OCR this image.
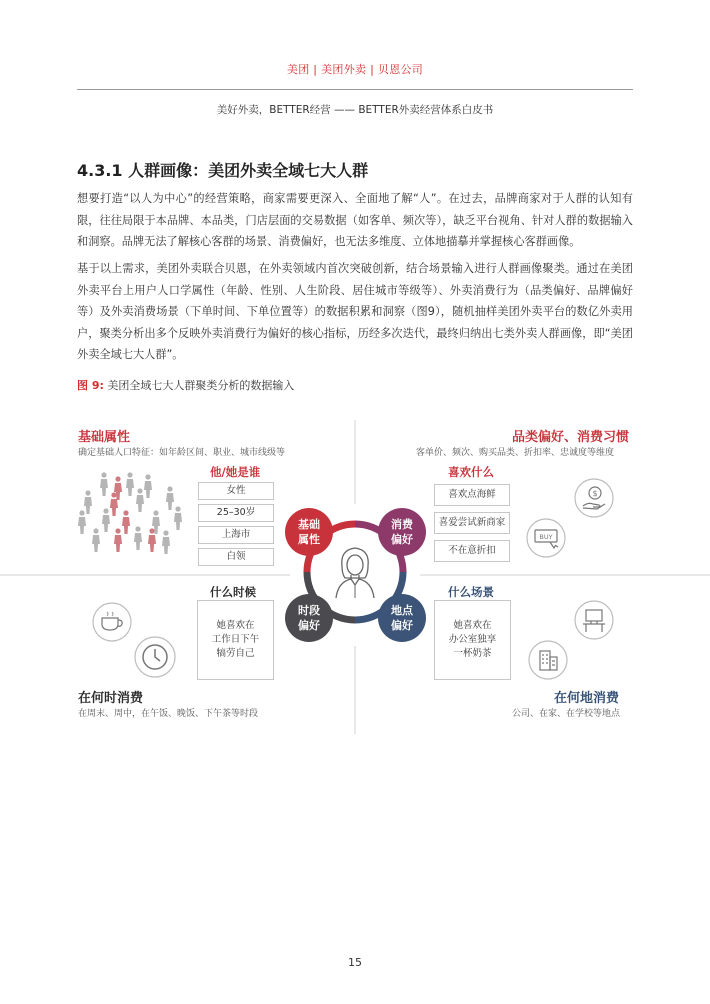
美团 | 美团外卖 | 贝恩公司
美好外卖，BETTER经营 —— BETTER外卖经营体系白皮书
4.3.1 人群画像：美团外卖全域七大人群
想要打造“以人为中心”的经营策略，商家需要更深入、全面地了解“人”。在过去，品牌商家对于人群的认知有限，往往局限于本品牌、本品类，门店层面的交易数据（如客单、频次等），缺乏平台视角、针对人群的数据输入和洞察。品牌无法了解核心客群的场景、消费偏好，也无法多维度、立体地描摹并掌握核心客群画像。
基于以上需求，美团外卖联合贝恩，在外卖领域内首次突破创新，结合场景输入进行人群画像聚类。通过在美团外卖平台上用户人口学属性（年龄、性别、人生阶段、居住城市等级等）、外卖消费行为（品类偏好、品牌偏好等）及外卖消费场景（下单时间、下单位置等）的数据积累和洞察（图9），随机抽样美团外卖平台的数亿外卖用户，聚类分析出多个反映外卖消费行为偏好的核心指标，历经多次迭代，最终归纳出七类外卖人群画像，即“美团外卖全域七大人群”。
图 9: 美团全域七大人群聚类分析的数据输入
基础属性
确定基础人口特征：如年龄区间、职业、城市线级等
他/她是谁
女性
25–30岁
上海市
白领
品类偏好、消费习惯
客单价、频次、购买品类、折扣率、忠诚度等维度
喜欢什么
喜欢点海鲜
喜爱尝试新商家
不在意折扣
$
BUY
什么时候
她喜欢在
工作日下午
犒劳自己
在何时消费
在周末、周中，在午饭、晚饭、下午茶等时段
什么场景
她喜欢在
办公室独享
一杯奶茶
在何地消费
公司、在家、在学校等地点
基础
属性
消费
偏好
时段
偏好
地点
偏好
15
